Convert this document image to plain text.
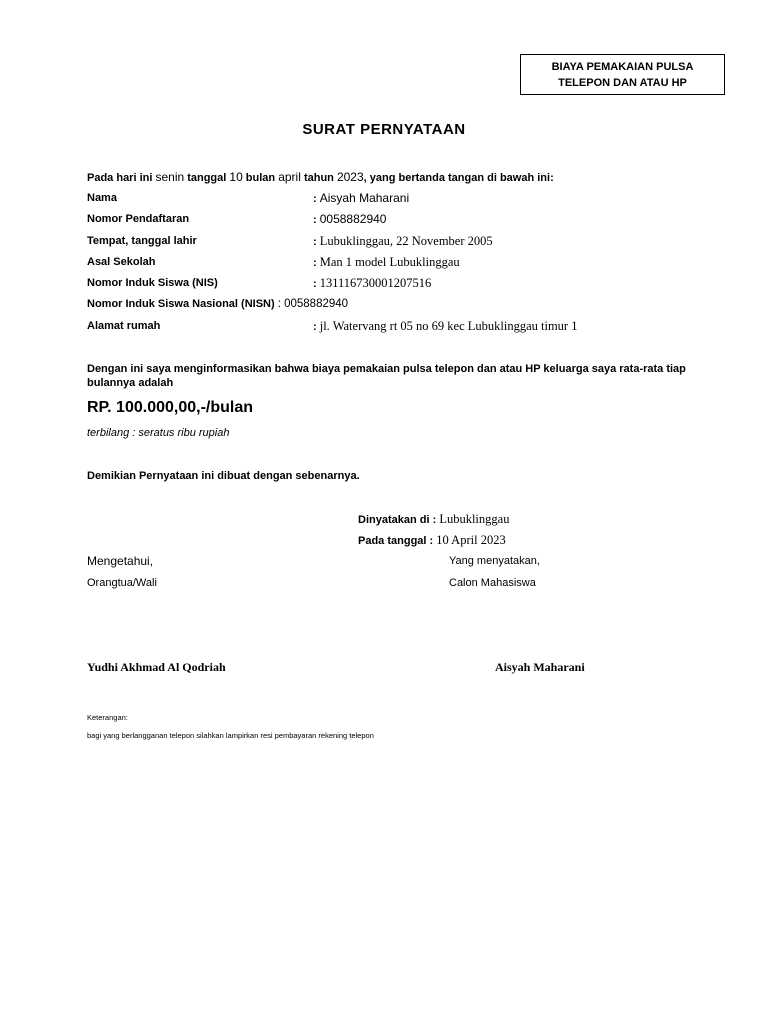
BIAYA PEMAKAIAN PULSA
TELEPON DAN ATAU HP
SURAT PERNYATAAN
Pada hari ini senin tanggal 10 bulan april tahun 2023, yang bertanda tangan di bawah ini:
Nama	: Aisyah Maharani
Nomor Pendaftaran	: 0058882940
Tempat, tanggal lahir	: Lubuklinggau, 22 November 2005
Asal Sekolah	: Man 1 model Lubuklinggau
Nomor Induk Siswa (NIS)	: 131116730001207516
Nomor Induk Siswa Nasional (NISN) : 0058882940
Alamat rumah	: jl. Watervang rt 05 no 69 kec Lubuklinggau timur 1
Dengan ini saya menginformasikan bahwa biaya pemakaian pulsa telepon dan atau HP keluarga saya rata-rata tiap bulannya adalah
RP. 100.000,00,-/bulan
terbilang : seratus ribu rupiah
Demikian Pernyataan ini dibuat dengan sebenarnya.
Dinyatakan di : Lubuklinggau
Pada tanggal : 10 April 2023
Mengetahui,	Yang menyatakan,
Orangtua/Wali	Calon Mahasiswa
Yudhi Akhmad Al Qodriah	Aisyah Maharani
Keterangan:
bagi yang berlangganan telepon silahkan lampirkan resi pembayaran rekening telepon
